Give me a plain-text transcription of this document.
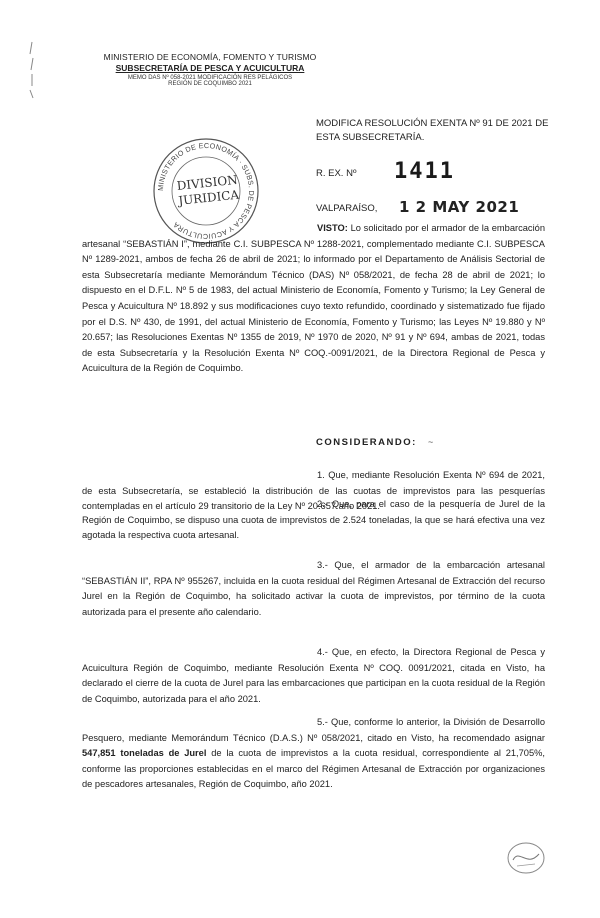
MINISTERIO DE ECONOMÍA, FOMENTO Y TURISMO
SUBSECRETARÍA DE PESCA Y ACUICULTURA
MEMO DAS Nº 058-2021 MODIFICACIÓN RES PELÁGICOS
REGIÓN DE COQUIMBO 2021
MINISTERIO DE ECONOMÍA · SUBS. DE PESCA Y ACUICULTURA
DIVISION
JURIDICA
MODIFICA RESOLUCIÓN EXENTA Nº 91 DE 2021 DE ESTA SUBSECRETARÍA.
R. EX. Nº 1411
VALPARAÍSO, 1 2 MAY 2021

VISTO: Lo solicitado por el armador de la embarcación artesanal “SEBASTIÁN I”, mediante C.I. SUBPESCA Nº 1288-2021, complementado mediante C.I. SUBPESCA Nº 1289-2021, ambos de fecha 26 de abril de 2021; lo informado por el Departamento de Análisis Sectorial de esta Subsecretaría mediante Memorándum Técnico (DAS) Nº 058/2021, de fecha 28 de abril de 2021; lo dispuesto en el D.F.L. Nº 5 de 1983, del actual Ministerio de Economía, Fomento y Turismo; la Ley General de Pesca y Acuicultura Nº 18.892 y sus modificaciones cuyo texto refundido, coordinado y sistematizado fue fijado por el D.S. Nº 430, de 1991, del actual Ministerio de Economía, Fomento y Turismo; las Leyes Nº 19.880 y Nº 20.657; las Resoluciones Exentas Nº 1355 de 2019, Nº 1970 de 2020, Nº 91 y Nº 694, ambas de 2021, todas de esta Subsecretaría y la Resolución Exenta Nº COQ.-0091/2021, de la Directora Regional de Pesca y Acuicultura de la Región de Coquimbo.

CONSIDERANDO: ~

1. Que, mediante Resolución Exenta Nº 694 de 2021, de esta Subsecretaría, se estableció la distribución de las cuotas de imprevistos para las pesquerías contempladas en el artículo 29 transitorio de la Ley Nº 20.657 año 2021.

2.- Que, para el caso de la pesquería de Jurel de la Región de Coquimbo, se dispuso una cuota de imprevistos de 2.524 toneladas, la que se hará efectiva una vez agotada la respectiva cuota artesanal.

3.- Que, el armador de la embarcación artesanal “SEBASTIÁN II”, RPA Nº 955267, incluida en la cuota residual del Régimen Artesanal de Extracción del recurso Jurel en la Región de Coquimbo, ha solicitado activar la cuota de imprevistos, por término de la cuota autorizada para el presente año calendario.

4.- Que, en efecto, la Directora Regional de Pesca y Acuicultura Región de Coquimbo, mediante Resolución Exenta Nº COQ. 0091/2021, citada en Visto, ha declarado el cierre de la cuota de Jurel para las embarcaciones que participan en la cuota residual de la Región de Coquimbo, autorizada para el año 2021.

5.- Que, conforme lo anterior, la División de Desarrollo Pesquero, mediante Memorándum Técnico (D.A.S.) Nº 058/2021, citado en Visto, ha recomendado asignar 547,851 toneladas de Jurel de la cuota de imprevistos a la cuota residual, correspondiente al 21,705%, conforme las proporciones establecidas en el marco del Régimen Artesanal de Extracción por organizaciones de pescadores artesanales, Región de Coquimbo, año 2021.
